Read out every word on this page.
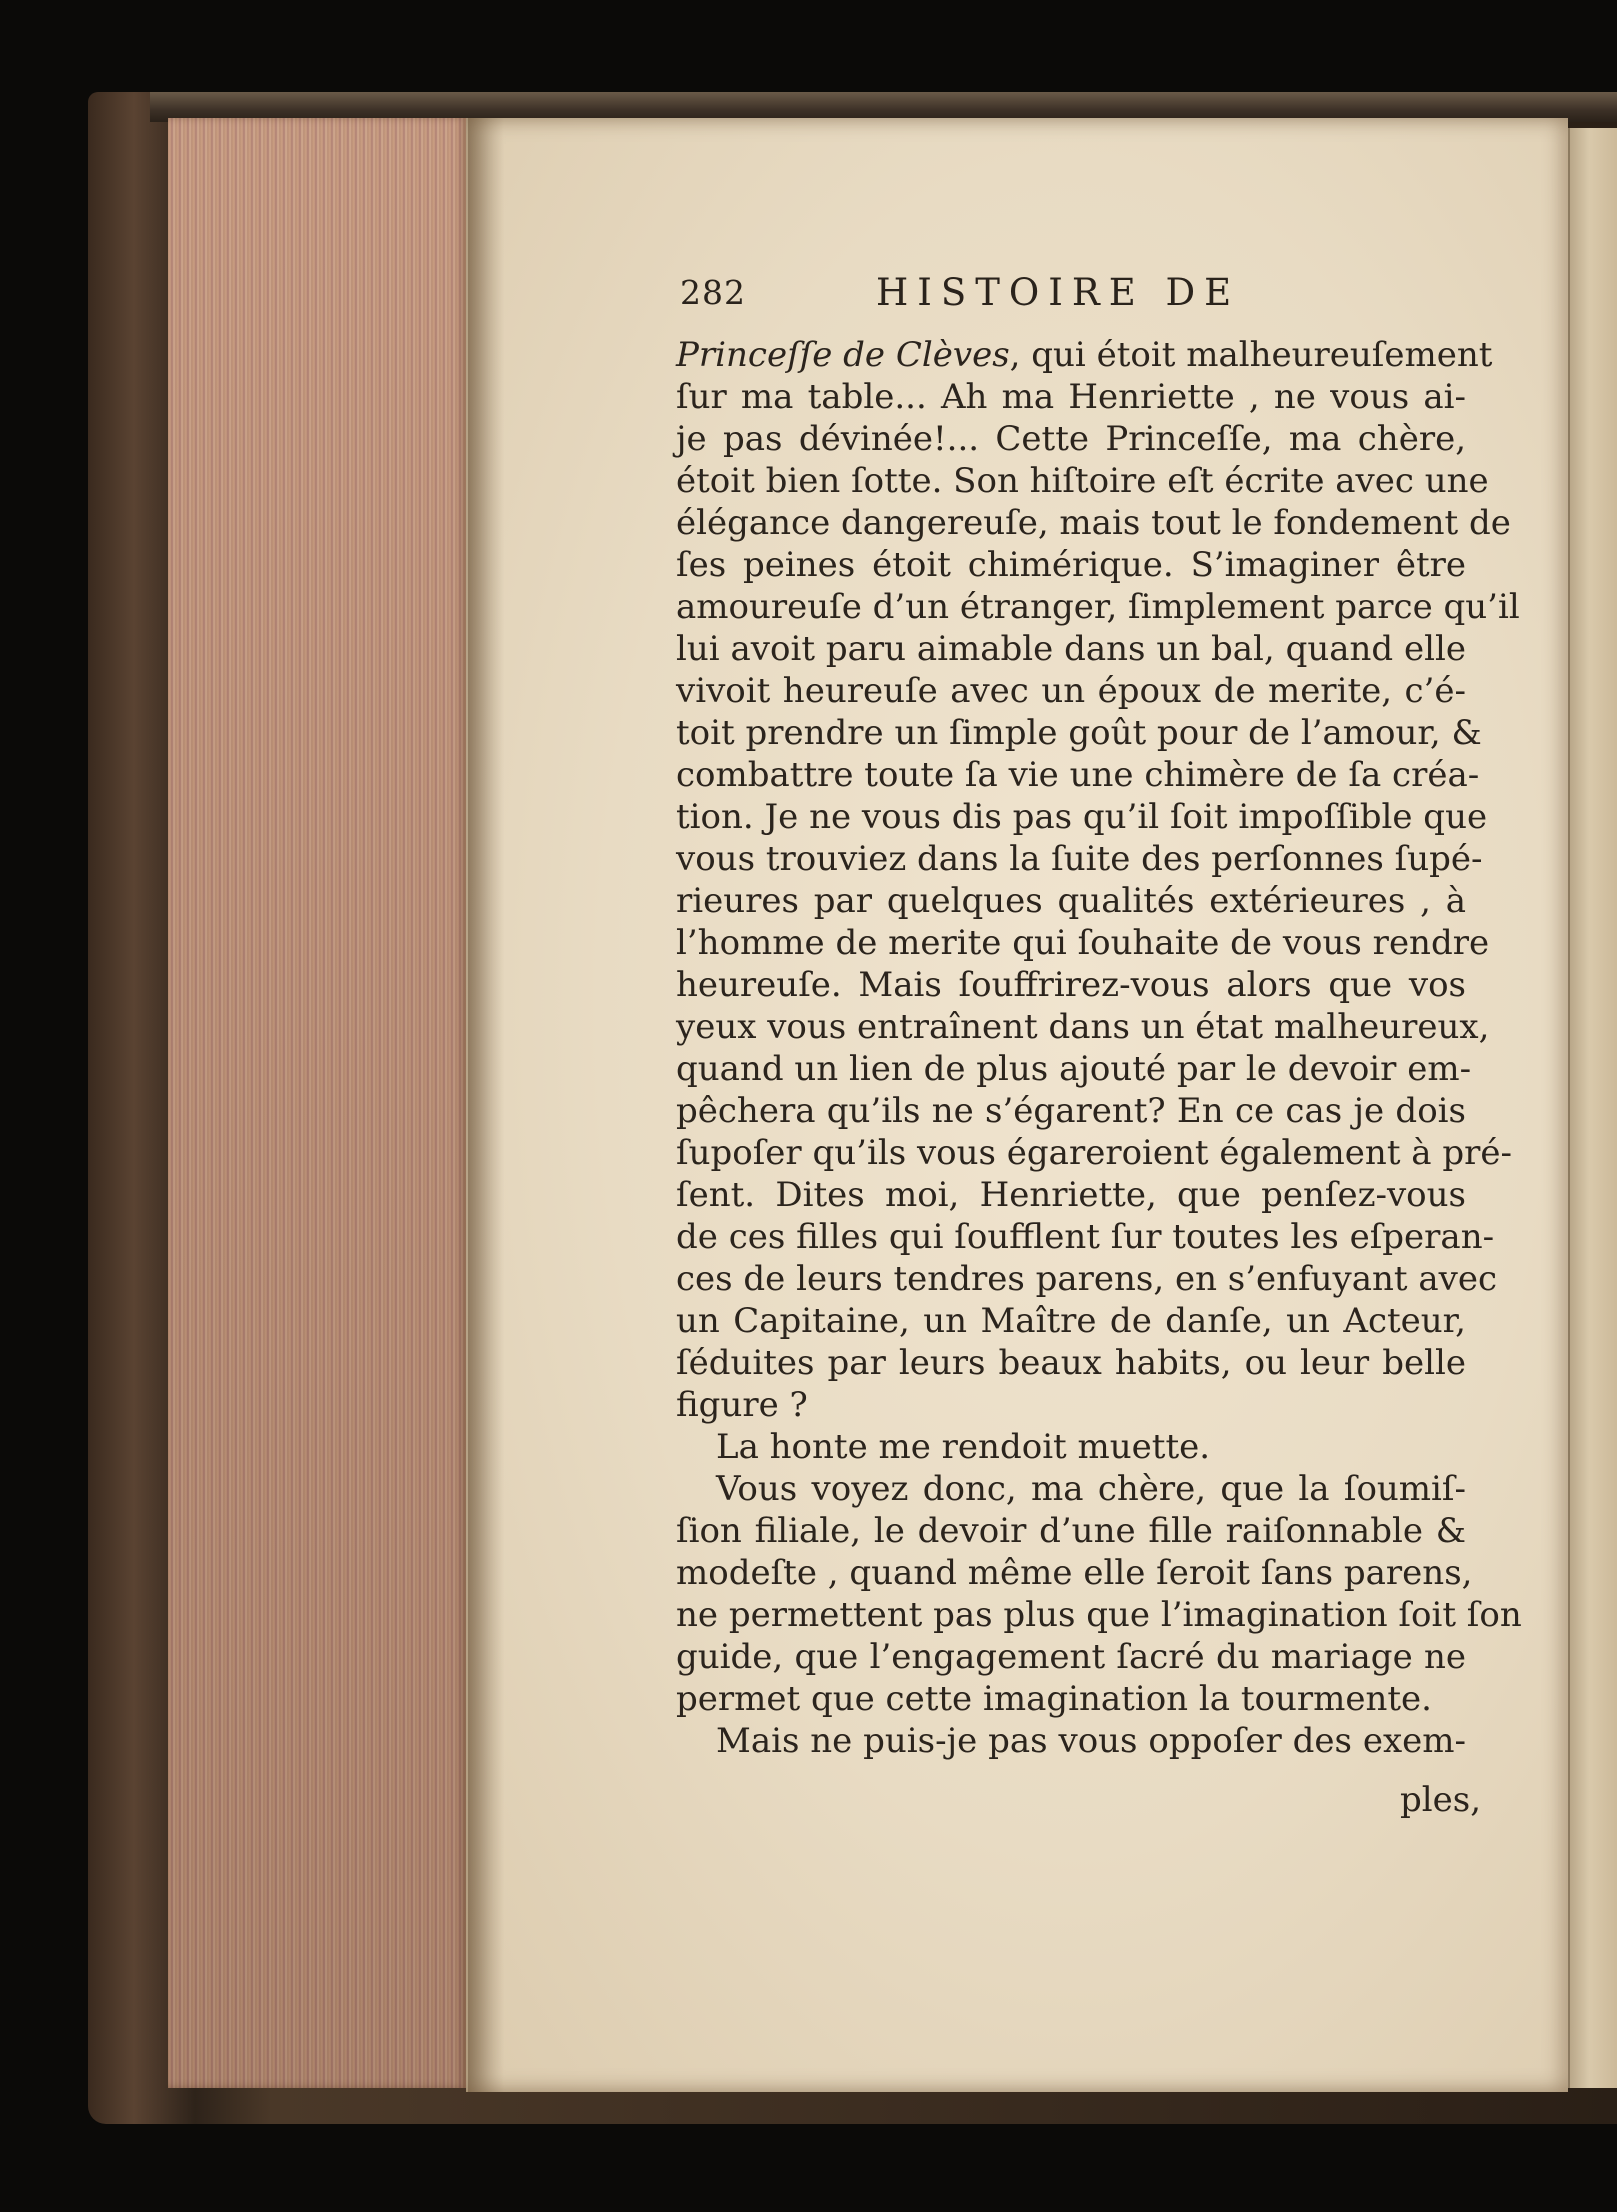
282	HISTOIRE DE
Princeſſe de Clèves, qui étoit malheureuſement
ſur ma table... Ah ma Henriette , ne vous ai-
je pas dévinée!... Cette Princeſſe, ma chère,
étoit bien ſotte. Son hiſtoire eſt écrite avec une
élégance dangereuſe, mais tout le fondement de
ſes peines étoit chimérique. S’imaginer être
amoureuſe d’un étranger, ſimplement parce qu’il
lui avoit paru aimable dans un bal, quand elle
vivoit heureuſe avec un époux de merite, c’é-
toit prendre un ſimple goût pour de l’amour, &
combattre toute ſa vie une chimère de ſa créa-
tion. Je ne vous dis pas qu’il ſoit impoſſible que
vous trouviez dans la ſuite des perſonnes ſupé-
rieures par quelques qualités extérieures , à
l’homme de merite qui ſouhaite de vous rendre
heureuſe. Mais ſouffrirez-vous alors que vos
yeux vous entraînent dans un état malheureux,
quand un lien de plus ajouté par le devoir em-
pêchera qu’ils ne s’égarent? En ce cas je dois
ſupoſer qu’ils vous égareroient également à pré-
ſent. Dites moi, Henriette, que penſez-vous
de ces filles qui ſoufflent ſur toutes les eſperan-
ces de leurs tendres parens, en s’enfuyant avec
un Capitaine, un Maître de danſe, un Acteur,
ſéduites par leurs beaux habits, ou leur belle
figure ?
La honte me rendoit muette.
Vous voyez donc, ma chère, que la ſoumiſ-
ſion filiale, le devoir d’une fille raiſonnable &
modeſte , quand même elle ſeroit ſans parens,
ne permettent pas plus que l’imagination ſoit ſon
guide, que l’engagement ſacré du mariage ne
permet que cette imagination la tourmente.
Mais ne puis-je pas vous oppoſer des exem-
ples,
